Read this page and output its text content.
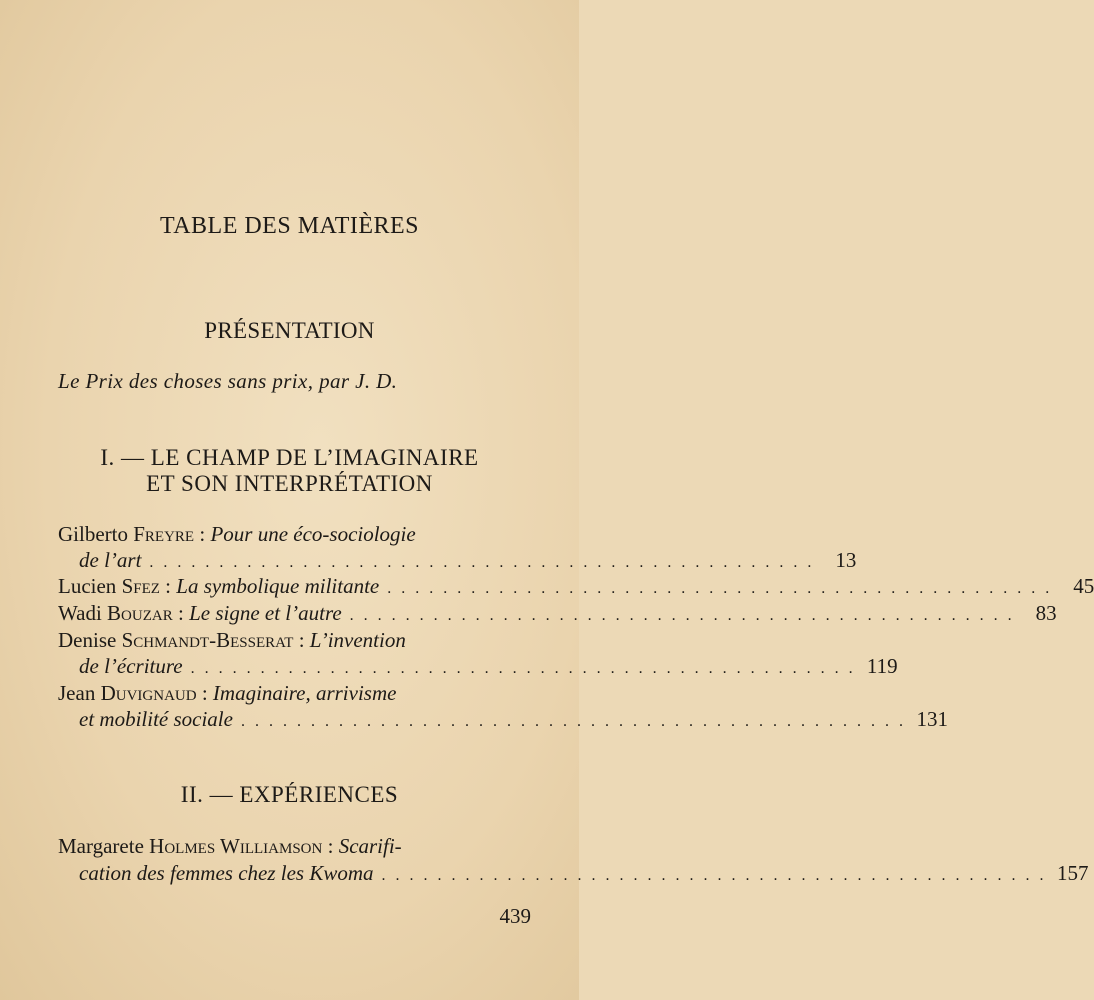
TABLE DES MATIÈRES
PRÉSENTATION
Le Prix des choses sans prix, par J. D.
I. — LE CHAMP DE L’IMAGINAIRE
ET SON INTERPRÉTATION
Gilberto Freyre : Pour une éco-sociologie
de l’art . . . . . . . . . . . . . . . . . . . . . . . . . . . . . . . . . . . . . . . . . . . . . . . .	13
Lucien Sfez : La symbolique militante . . . . . . . . . . . . . . . . . . . . . . . . . . . . . . . . . . . . . . . . . . . . . . . .	45
Wadi Bouzar : Le signe et l’autre . . . . . . . . . . . . . . . . . . . . . . . . . . . . . . . . . . . . . . . . . . . . . . . .	83
Denise Schmandt-Besserat : L’invention
de l’écriture . . . . . . . . . . . . . . . . . . . . . . . . . . . . . . . . . . . . . . . . . . . . . . . . 119
Jean Duvignaud : Imaginaire, arrivisme
et mobilité sociale . . . . . . . . . . . . . . . . . . . . . . . . . . . . . . . . . . . . . . . . . . . . . . . . 131
II. — EXPÉRIENCES
Margarete Holmes Williamson : Scarifi-
cation des femmes chez les Kwoma . . . . . . . . . . . . . . . . . . . . . . . . . . . . . . . . . . . . . . . . . . . . . . . . 157
439
